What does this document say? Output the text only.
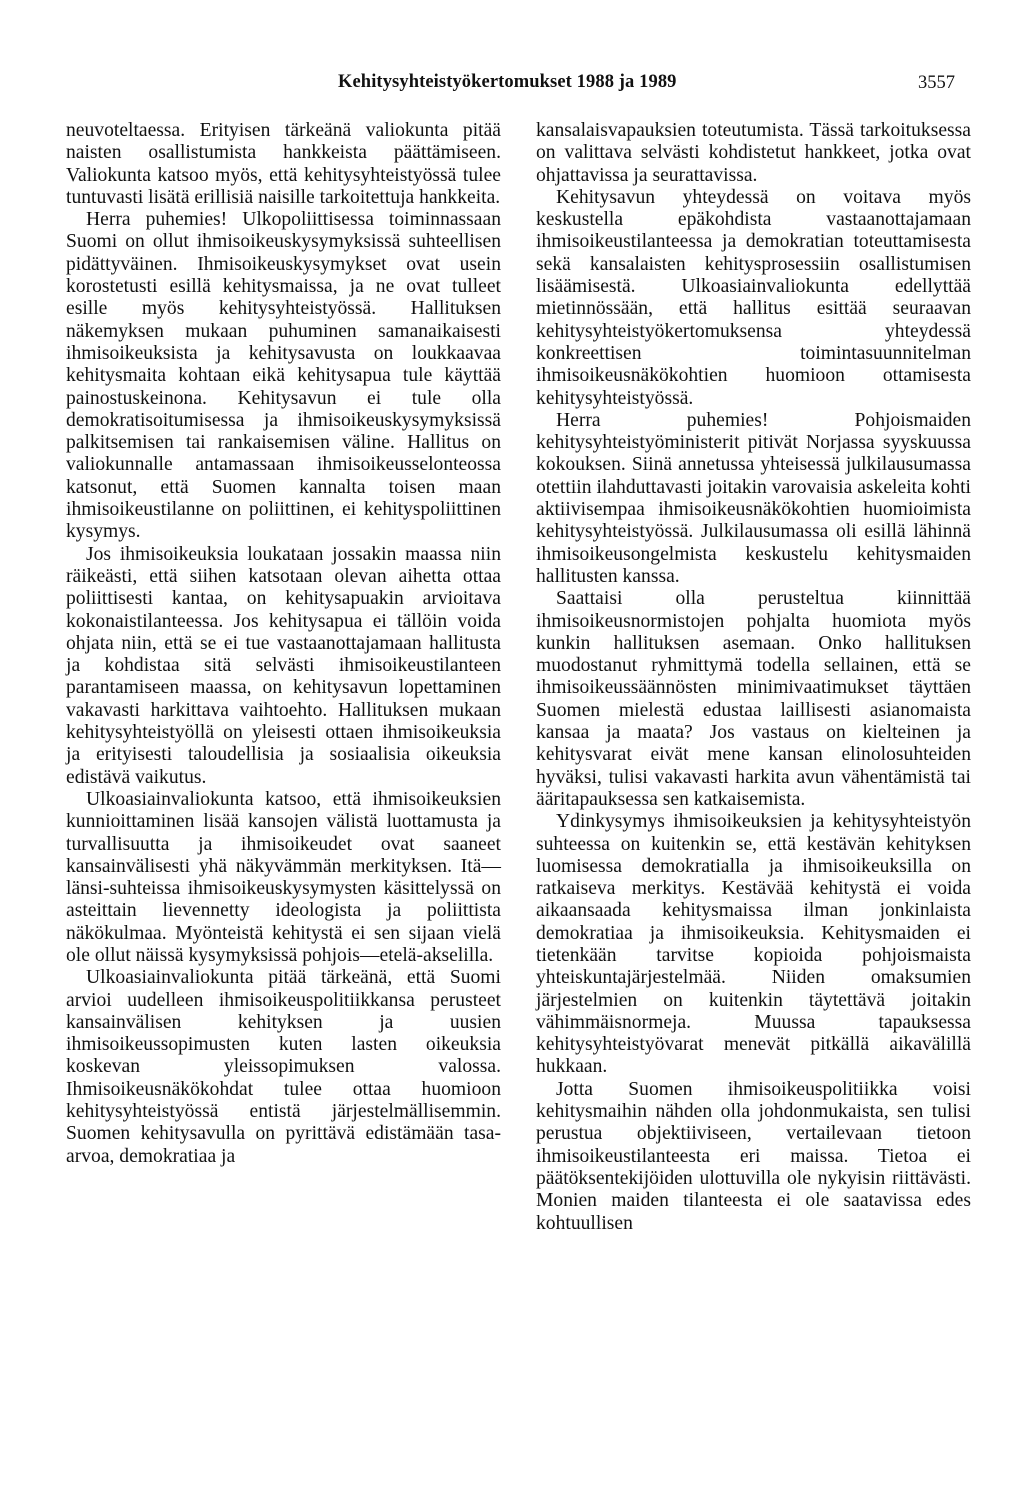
Kehitysyhteistyökertomukset 1988 ja 1989	3557

neuvoteltaessa. Erityisen tärkeänä valiokunta pitää naisten osallistumista hankkeista päättämiseen. Valiokunta katsoo myös, että kehitysyhteistyössä tulee tuntuvasti lisätä erillisiä naisille tarkoitettuja hankkeita.

Herra puhemies! Ulkopoliittisessa toiminnassaan Suomi on ollut ihmisoikeuskysymyksissä suhteellisen pidättyväinen. Ihmisoikeuskysymykset ovat usein korostetusti esillä kehitysmaissa, ja ne ovat tulleet esille myös kehitysyhteistyössä. Hallituksen näkemyksen mukaan puhuminen samanaikaisesti ihmisoikeuksista ja kehitysavusta on loukkaavaa kehitysmaita kohtaan eikä kehitysapua tule käyttää painostuskeinona. Kehitysavun ei tule olla demokratisoitumisessa ja ihmisoikeuskysymyksissä palkitsemisen tai rankaisemisen väline. Hallitus on valiokunnalle antamassaan ihmisoikeusselonteossa katsonut, että Suomen kannalta toisen maan ihmisoikeustilanne on poliittinen, ei kehityspoliittinen kysymys.

Jos ihmisoikeuksia loukataan jossakin maassa niin räikeästi, että siihen katsotaan olevan aihetta ottaa poliittisesti kantaa, on kehitysapuakin arvioitava kokonaistilanteessa. Jos kehitysapua ei tällöin voida ohjata niin, että se ei tue vastaanottajamaan hallitusta ja kohdistaa sitä selvästi ihmisoikeustilanteen parantamiseen maassa, on kehitysavun lopettaminen vakavasti harkittava vaihtoehto. Hallituksen mukaan kehitysyhteistyöllä on yleisesti ottaen ihmisoikeuksia ja erityisesti taloudellisia ja sosiaalisia oikeuksia edistävä vaikutus.

Ulkoasiainvaliokunta katsoo, että ihmisoikeuksien kunnioittaminen lisää kansojen välistä luottamusta ja turvallisuutta ja ihmisoikeudet ovat saaneet kansainvälisesti yhä näkyvämmän merkityksen. Itä—länsi-suhteissa ihmisoikeuskysymysten käsittelyssä on asteittain lievennetty ideologista ja poliittista näkökulmaa. Myönteistä kehitystä ei sen sijaan vielä ole ollut näissä kysymyksissä pohjois—etelä-akselilla.

Ulkoasiainvaliokunta pitää tärkeänä, että Suomi arvioi uudelleen ihmisoikeuspolitiikkansa perusteet kansainvälisen kehityksen ja uusien ihmisoikeussopimusten kuten lasten oikeuksia koskevan yleissopimuksen valossa. Ihmisoikeusnäkökohdat tulee ottaa huomioon kehitysyhteistyössä entistä järjestelmällisemmin. Suomen kehitysavulla on pyrittävä edistämään tasa-arvoa, demokratiaa ja

kansalaisvapauksien toteutumista. Tässä tarkoituksessa on valittava selvästi kohdistetut hankkeet, jotka ovat ohjattavissa ja seurattavissa.

Kehitysavun yhteydessä on voitava myös keskustella epäkohdista vastaanottajamaan ihmisoikeustilanteessa ja demokratian toteuttamisesta sekä kansalaisten kehitysprosessiin osallistumisen lisäämisestä. Ulkoasiainvaliokunta edellyttää mietinnössään, että hallitus esittää seuraavan kehitysyhteistyökertomuksensa yhteydessä konkreettisen toimintasuunnitelman ihmisoikeusnäkökohtien huomioon ottamisesta kehitysyhteistyössä.

Herra puhemies! Pohjoismaiden kehitysyhteistyöministerit pitivät Norjassa syyskuussa kokouksen. Siinä annetussa yhteisessä julkilausumassa otettiin ilahduttavasti joitakin varovaisia askeleita kohti aktiivisempaa ihmisoikeusnäkökohtien huomioimista kehitysyhteistyössä. Julkilausumassa oli esillä lähinnä ihmisoikeusongelmista keskustelu kehitysmaiden hallitusten kanssa.

Saattaisi olla perusteltua kiinnittää ihmisoikeusnormistojen pohjalta huomiota myös kunkin hallituksen asemaan. Onko hallituksen muodostanut ryhmittymä todella sellainen, että se ihmisoikeussäännösten minimivaatimukset täyttäen Suomen mielestä edustaa laillisesti asianomaista kansaa ja maata? Jos vastaus on kielteinen ja kehitysvarat eivät mene kansan elinolosuhteiden hyväksi, tulisi vakavasti harkita avun vähentämistä tai ääritapauksessa sen katkaisemista.

Ydinkysymys ihmisoikeuksien ja kehitysyhteistyön suhteessa on kuitenkin se, että kestävän kehityksen luomisessa demokratialla ja ihmisoikeuksilla on ratkaiseva merkitys. Kestävää kehitystä ei voida aikaansaada kehitysmaissa ilman jonkinlaista demokratiaa ja ihmisoikeuksia. Kehitysmaiden ei tietenkään tarvitse kopioida pohjoismaista yhteiskuntajärjestelmää. Niiden omaksumien järjestelmien on kuitenkin täytettävä joitakin vähimmäisnormeja. Muussa tapauksessa kehitysyhteistyövarat menevät pitkällä aikavälillä hukkaan.

Jotta Suomen ihmisoikeuspolitiikka voisi kehitysmaihin nähden olla johdonmukaista, sen tulisi perustua objektiiviseen, vertailevaan tietoon ihmisoikeustilanteesta eri maissa. Tietoa ei päätöksentekijöiden ulottuvilla ole nykyisin riittävästi. Monien maiden tilanteesta ei ole saatavissa edes kohtuullisen
